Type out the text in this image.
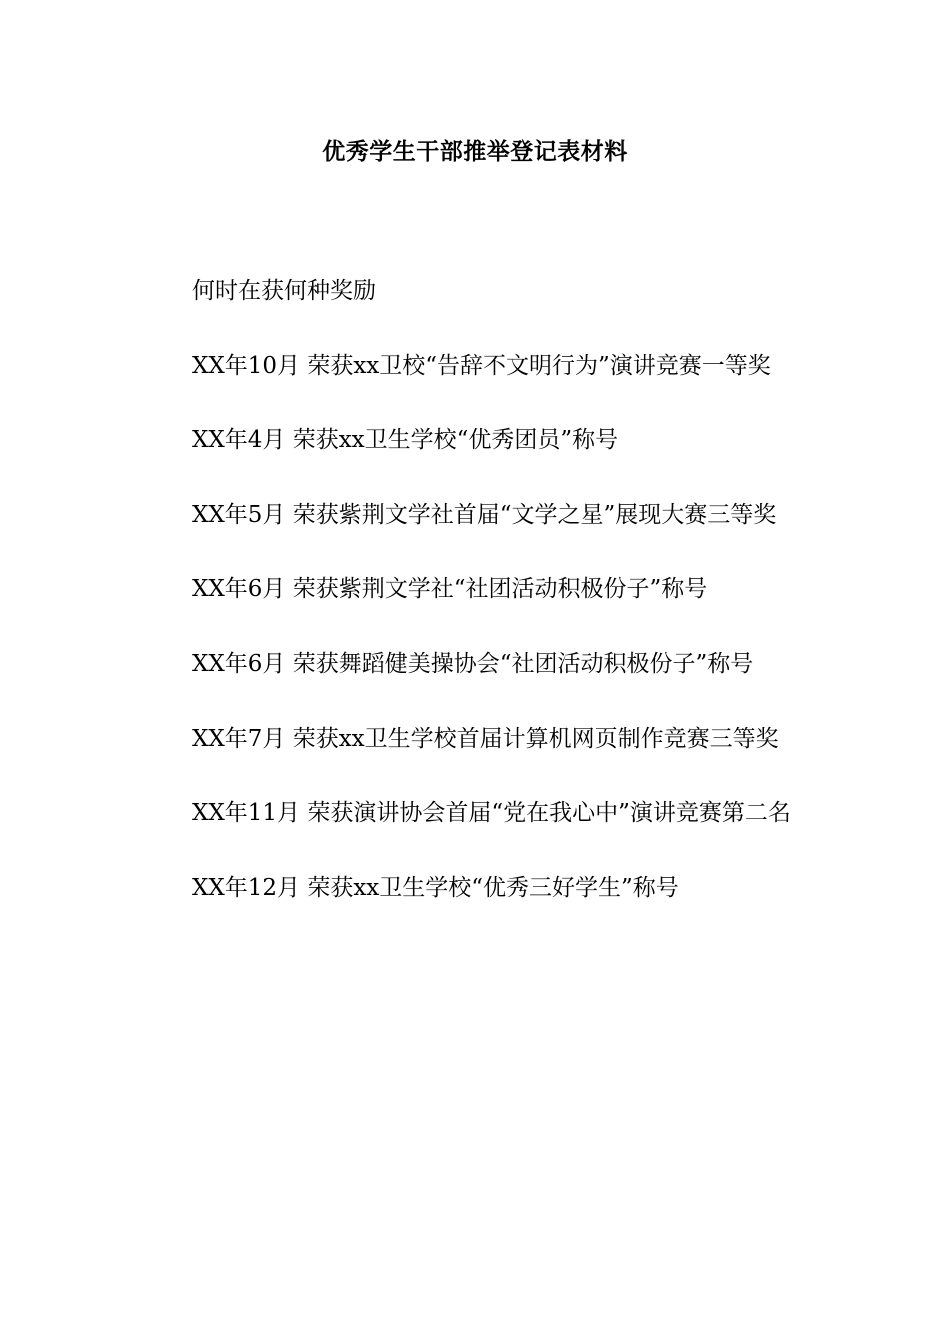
优秀学生干部推举登记表材料

何时在获何种奖励

XX年10月 荣获xx卫校“告辞不文明行为”演讲竞赛一等奖

XX年4月 荣获xx卫生学校“优秀团员”称号

XX年5月 荣获紫荆文学社首届“文学之星”展现大赛三等奖

XX年6月 荣获紫荆文学社“社团活动积极份子”称号

XX年6月 荣获舞蹈健美操协会“社团活动积极份子”称号

XX年7月 荣获xx卫生学校首届计算机网页制作竞赛三等奖

XX年11月 荣获演讲协会首届“党在我心中”演讲竞赛第二名

XX年12月 荣获xx卫生学校“优秀三好学生”称号
